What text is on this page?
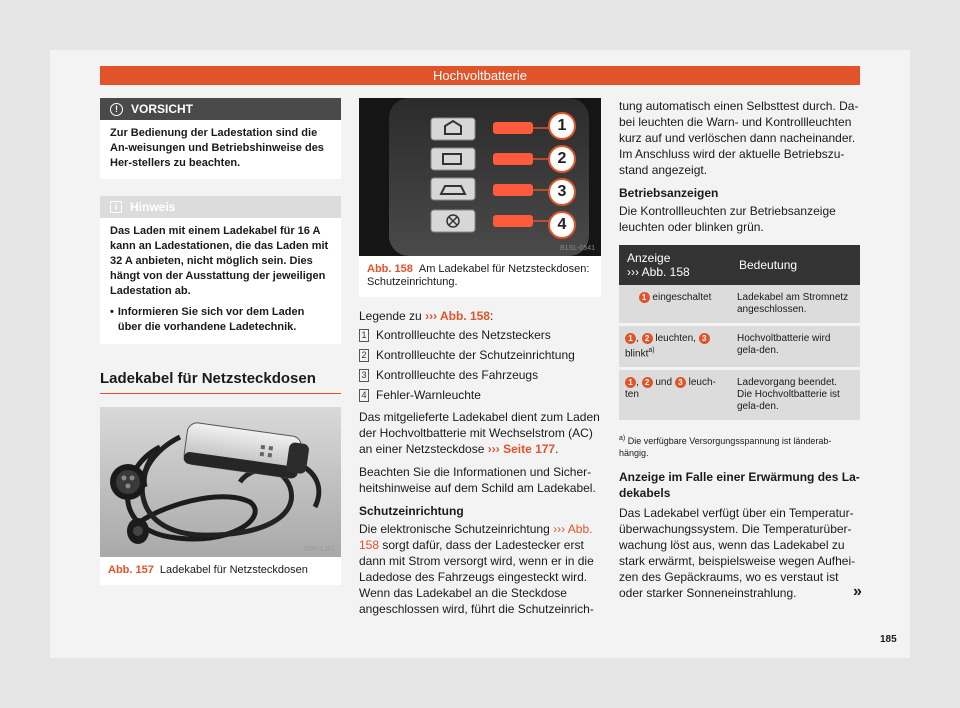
Hochvoltbatterie
!	VORSICHT
Zur Bedienung der Ladestation sind die An-weisungen und Betriebshinweise des Her-stellers zu beachten.
i	Hinweis

Das Laden mit einem Ladekabel für 16 A kann an Ladestationen, die das Laden mit 32 A anbieten, nicht möglich sein. Dies hängt von der Ausstattung der jeweiligen Ladestation ab.

• Informieren Sie sich vor dem Laden über die vorhandene Ladetechnik.
Ladekabel für Netzsteckdosen
B5F-1367
Abb. 157 Ladekabel für Netzsteckdosen
1
2
3
4
B1SL-0541
Abb. 158 Am Ladekabel für Netzsteckdosen: Schutzeinrichtung.

Legende zu ››› Abb. 158:

1 Kontrollleuchte des Netzsteckers
2 Kontrollleuchte der Schutzeinrichtung
3 Kontrollleuchte des Fahrzeugs
4 Fehler-Warnleuchte

Das mitgelieferte Ladekabel dient zum Laden der Hochvoltbatterie mit Wechselstrom (AC) an einer Netzsteckdose ››› Seite 177.

Beachten Sie die Informationen und Sicher-heitshinweise auf dem Schild am Ladekabel.

Schutzeinrichtung

Die elektronische Schutzeinrichtung ››› Abb. 158 sorgt dafür, dass der Ladestecker erst dann mit Strom versorgt wird, wenn er in die Ladedose des Fahrzeugs eingesteckt wird. Wenn das Ladekabel an die Steckdose angeschlossen wird, führt die Schutzeinrich-

tung automatisch einen Selbsttest durch. Da-bei leuchten die Warn- und Kontrollleuchten kurz auf und verlöschen dann nacheinander. Im Anschluss wird der aktuelle Betriebszu-stand angezeigt.

Betriebsanzeigen

Die Kontrollleuchten zur Betriebsanzeige leuchten oder blinken grün.

Anzeige
››› Abb. 158	Bedeutung
1 eingeschaltet	Ladekabel am Stromnetz angeschlossen.
1 , 2 leuchten, 3
blinkt$^{a)}$	Hochvoltbatterie wird gela-den.
1 , 2 und 3 leuch-ten	Ladevorgang beendet. Die Hochvoltbatterie ist gela-den.
$^{a)}$ Die verfügbare Versorgungsspannung ist länderab-hängig.

Anzeige im Falle einer Erwärmung des La-dekabels

Das Ladekabel verfügt über ein Temperatur-überwachungssystem. Die Temperaturüber-wachung löst aus, wenn das Ladekabel zu stark erwärmt, beispielsweise wegen Aufhei-zen des Gepäckraums, wo es verstaut ist oder starker Sonneneinstrahlung.	»
185
